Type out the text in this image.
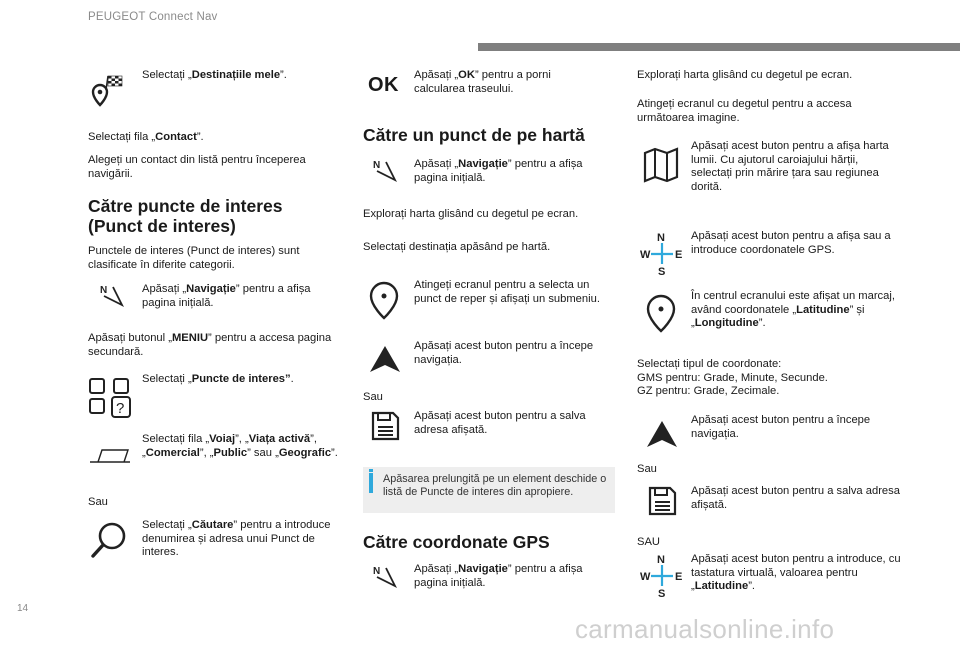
PEUGEOT Connect Nav
Selectați „Destinațiile mele”.
Selectați fila „Contact”.
Alegeți un contact din listă pentru începerea navigării.
Către puncte de interes
(Punct de interes)
Punctele de interes (Punct de interes) sunt clasificate în diferite categorii.
N	Apăsați „Navigație” pentru a afișa pagina inițială.
Apăsați butonul „MENIU” pentru a accesa pagina secundară.
?
Selectați „Puncte de interes”.
Selectați fila „Voiaj”, „Viața activă”, „Comercial”, „Public” sau „Geografic”.
Sau
Selectați „Căutare” pentru a introduce denumirea și adresa unui Punct de interes.
OK Apăsați „OK” pentru a porni calcularea traseului.
Către un punct de pe hartă
N	Apăsați „Navigație” pentru a afișa pagina inițială.
Explorați harta glisând cu degetul pe ecran.
Selectați destinația apăsând pe hartă.
Atingeți ecranul pentru a selecta un punct de reper și afișați un submeniu.
Apăsați acest buton pentru a începe navigația.
Sau
Apăsați acest buton pentru a salva adresa afișată.
Apăsarea prelungită pe un element deschide o listă de Puncte de interes din apropiere.
Către coordonate GPS
N	Apăsați „Navigație” pentru a afișa pagina inițială.
Explorați harta glisând cu degetul pe ecran.
Atingeți ecranul cu degetul pentru a accesa următoarea imagine.
Apăsați acest buton pentru a afișa harta lumii. Cu ajutorul caroiajului hărții, selectați prin mărire țara sau regiunea dorită.
N
W E
S
Apăsați acest buton pentru a afișa sau a introduce coordonatele GPS.
În centrul ecranului este afișat un marcaj, având coordonatele „Latitudine” și „Longitudine”.
Selectați tipul de coordonate:
GMS pentru: Grade, Minute, Secunde.
GZ pentru: Grade, Zecimale.
Apăsați acest buton pentru a începe navigația.
Sau
Apăsați acest buton pentru a salva adresa afișată.
SAU
N
W E
S
Apăsați acest buton pentru a introduce, cu tastatura virtuală, valoarea pentru „Latitudine”.
14
carmanualsonline.info
